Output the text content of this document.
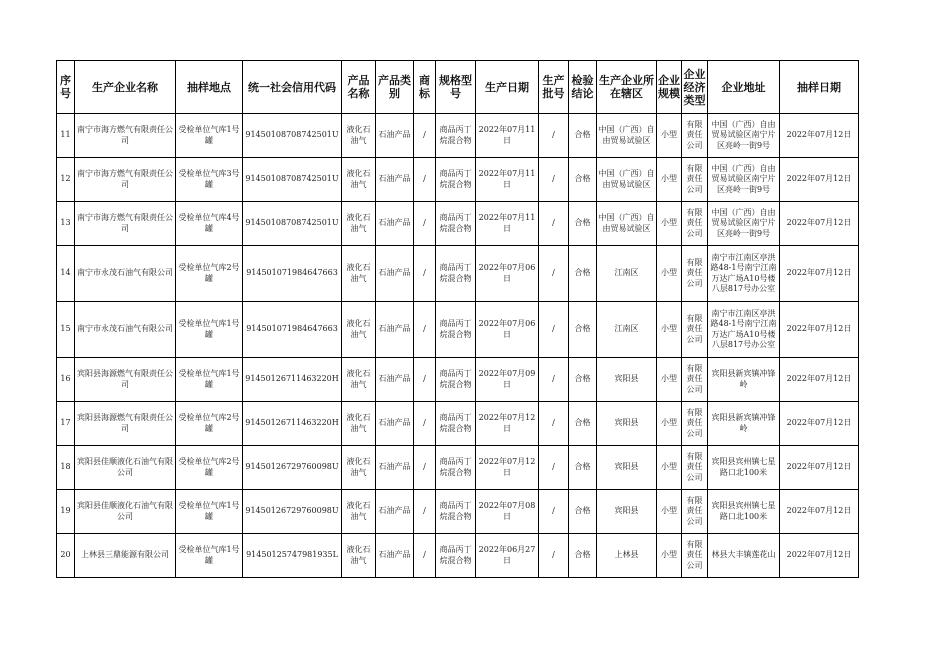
序号	生产企业名称	抽样地点	统一社会信用代码	产品名称	产品类别	商标	规格型号	生产日期	生产批号	检验结论	生产企业所在辖区	企业规模	企业经济类型	企业地址	抽样日期

11	南宁市海方燃气有限责任公司	受检单位气库1号罐	91450108708742501U	液化石油气	石油产品	/	商品丙丁烷混合物	2022年07月11日	/	合格	中国（广西）自由贸易试验区	小型	有限责任公司	中国（广西）自由贸易试验区南宁片区亮岭一街9号	2022年07月12日

12	南宁市海方燃气有限责任公司	受检单位气库3号罐	91450108708742501U	液化石油气	石油产品	/	商品丙丁烷混合物	2022年07月11日	/	合格	中国（广西）自由贸易试验区	小型	有限责任公司	中国（广西）自由贸易试验区南宁片区亮岭一街9号	2022年07月12日

13	南宁市海方燃气有限责任公司	受检单位气库4号罐	91450108708742501U	液化石油气	石油产品	/	商品丙丁烷混合物	2022年07月11日	/	合格	中国（广西）自由贸易试验区	小型	有限责任公司	中国（广西）自由贸易试验区南宁片区亮岭一街9号	2022年07月12日

14	南宁市永茂石油气有限公司	受检单位气库2号罐	914501071984647663	液化石油气	石油产品	/	商品丙丁烷混合物	2022年07月06日	/	合格	江南区	小型	有限责任公司	南宁市江南区亭洪路48-1号南宁江南万达广场A10号楼八层817号办公室	2022年07月12日

15	南宁市永茂石油气有限公司	受检单位气库1号罐	914501071984647663	液化石油气	石油产品	/	商品丙丁烷混合物	2022年07月06日	/	合格	江南区	小型	有限责任公司	南宁市江南区亭洪路48-1号南宁江南万达广场A10号楼八层817号办公室	2022年07月12日

16	宾阳县海源燃气有限责任公司	受检单位气库1号罐	91450126711463220H	液化石油气	石油产品	/	商品丙丁烷混合物	2022年07月09日	/	合格	宾阳县	小型	有限责任公司	宾阳县新宾镇冲锋岭	2022年07月12日

17	宾阳县海源燃气有限责任公司	受检单位气库2号罐	91450126711463220H	液化石油气	石油产品	/	商品丙丁烷混合物	2022年07月12日	/	合格	宾阳县	小型	有限责任公司	宾阳县新宾镇冲锋岭	2022年07月12日

18	宾阳县佳顺液化石油气有限公司	受检单位气库2号罐	91450126729760098U	液化石油气	石油产品	/	商品丙丁烷混合物	2022年07月12日	/	合格	宾阳县	小型	有限责任公司	宾阳县宾州镇七星路口北100米	2022年07月12日

19	宾阳县佳顺液化石油气有限公司	受检单位气库1号罐	91450126729760098U	液化石油气	石油产品	/	商品丙丁烷混合物	2022年07月08日	/	合格	宾阳县	小型	有限责任公司	宾阳县宾州镇七星路口北100米	2022年07月12日

20	上林县三鼎能源有限公司	受检单位气库1号罐	91450125747981935L	液化石油气	石油产品	/	商品丙丁烷混合物	2022年06月27日	/	合格	上林县	小型	有限责任公司	林县大丰镇莲花山	2022年07月12日
